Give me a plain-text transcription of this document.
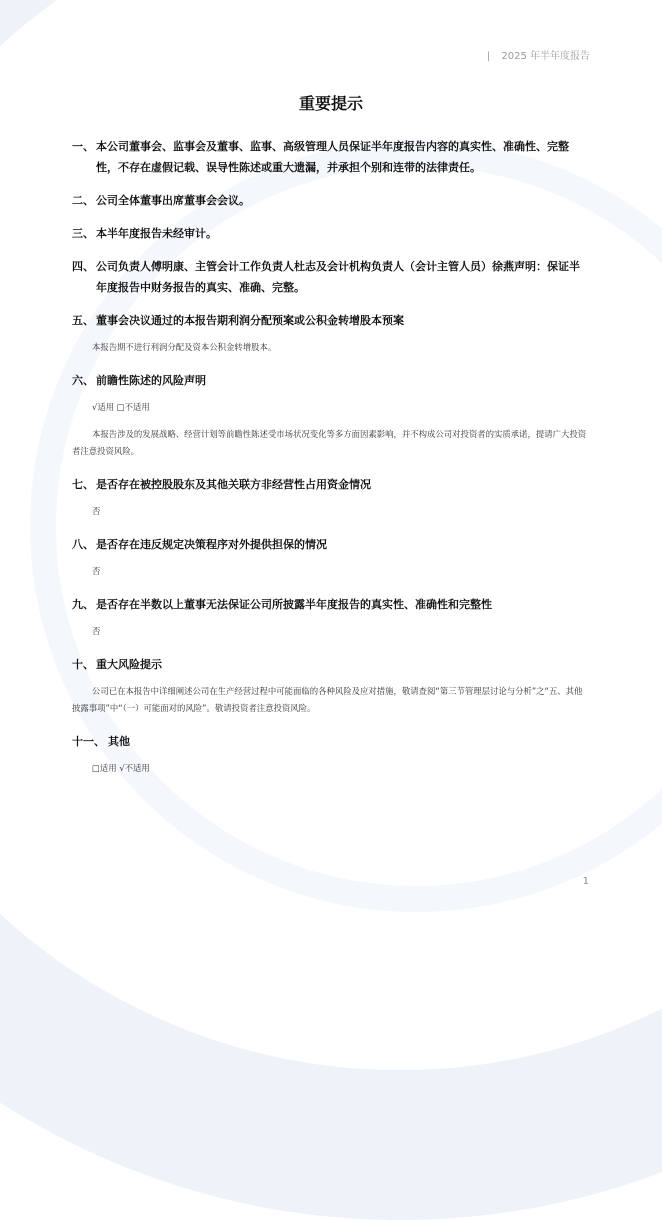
| 2025 年半年度报告
重要提示
一、 本公司董事会、监事会及董事、监事、高级管理人员保证半年度报告内容的真实性、准确性、完整性，不存在虚假记载、误导性陈述或重大遗漏，并承担个别和连带的法律责任。
二、 公司全体董事出席董事会会议。
三、 本半年度报告未经审计。
四、 公司负责人傅明康、主管会计工作负责人杜志及会计机构负责人（会计主管人员）徐燕声明：保证半年度报告中财务报告的真实、准确、完整。
五、 董事会决议通过的本报告期利润分配预案或公积金转增股本预案
本报告期不进行利润分配及资本公积金转增股本。
六、 前瞻性陈述的风险声明
√适用 □不适用
本报告涉及的发展战略、经营计划等前瞻性陈述受市场状况变化等多方面因素影响，并不构成公司对投资者的实质承诺，提请广大投资者注意投资风险。
七、 是否存在被控股股东及其他关联方非经营性占用资金情况
否
八、 是否存在违反规定决策程序对外提供担保的情况
否
九、 是否存在半数以上董事无法保证公司所披露半年度报告的真实性、准确性和完整性
否
十、 重大风险提示
公司已在本报告中详细阐述公司在生产经营过程中可能面临的各种风险及应对措施，敬请查阅“第三节管理层讨论与分析”之“五、其他披露事项”中“（一）可能面对的风险”。敬请投资者注意投资风险。
十一、 其他
□适用 √不适用
1
